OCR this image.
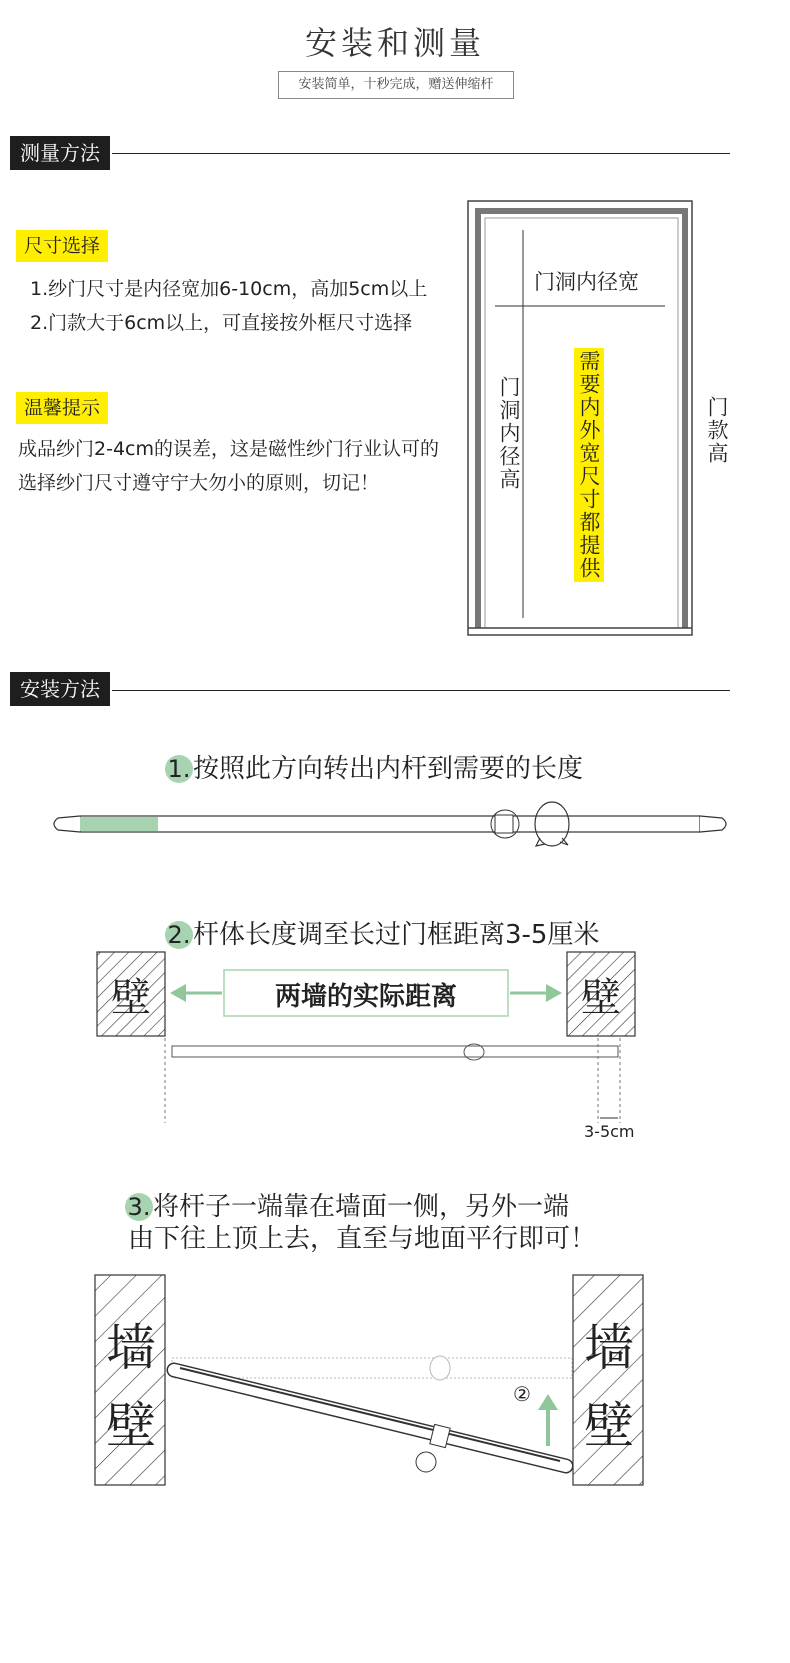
安装和测量
安装简单，十秒完成，赠送伸缩杆
测量方法
尺寸选择
1.纱门尺寸是内径宽加6-10cm，高加5cm以上
2.门款大于6cm以上，可直接按外框尺寸选择
温馨提示
成品纱门2-4cm的误差，这是磁性纱门行业认可的
选择纱门尺寸遵守宁大勿小的原则，切记！
门洞内径宽
门洞内径高	需要内外宽尺寸都提供	门款高
安装方法
1.按照此方向转出内杆到需要的长度
2.杆体长度调至长过门框距离3-5厘米
壁	壁
两墙的实际距离
3-5cm
3.将杆子一端靠在墙面一侧，另外一端
由下往上顶上去，直至与地面平行即可！
墙
壁
墙
壁
②
